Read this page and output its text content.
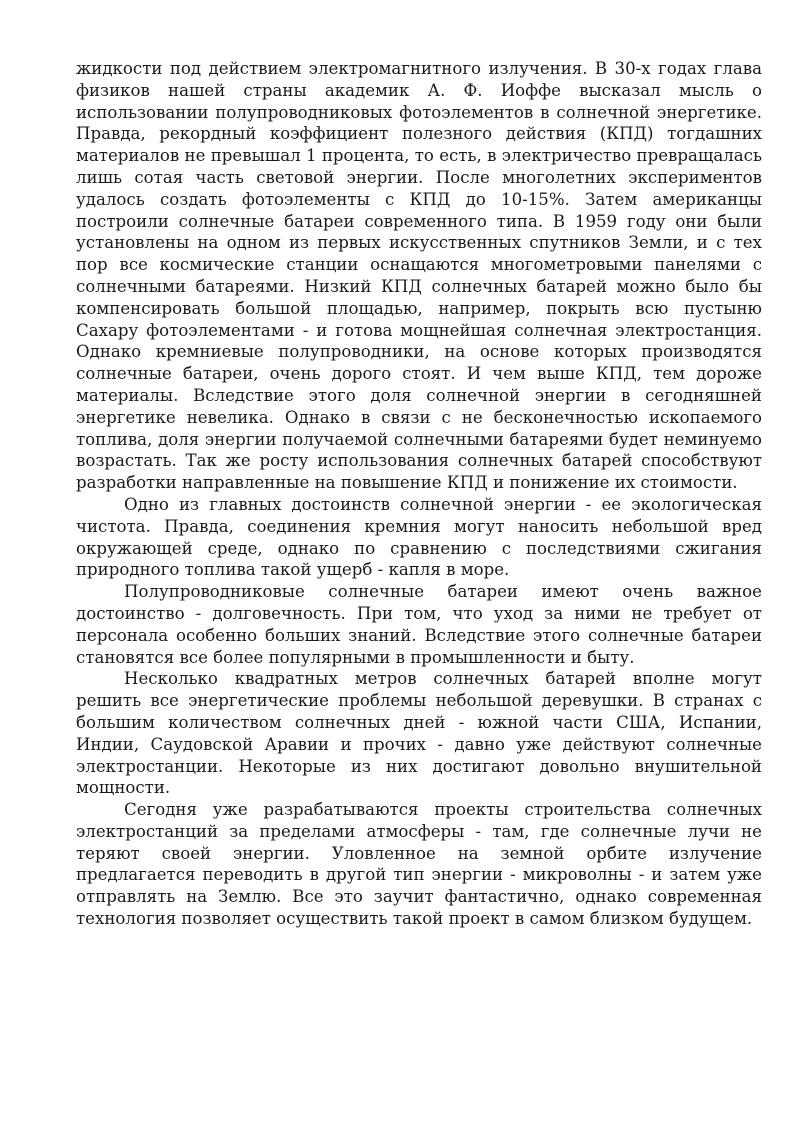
жидкости под действием электромагнитного излучения. В 30-х годах глава физиков нашей страны академик А. Ф. Иоффе высказал мысль о использовании полупроводниковых фотоэлементов в солнечной энергетике. Правда, рекордный коэффициент полезного действия (КПД) тогдашних материалов не превышал 1 процента, то есть, в электричество превращалась лишь сотая часть световой энергии. После многолетних экспериментов удалось создать фотоэлементы с КПД до 10-15%. Затем американцы построили солнечные батареи современного типа. В 1959 году они были установлены на одном из первых искусственных спутников Земли, и с тех пор все космические станции оснащаются многометровыми панелями с солнечными батареями. Низкий КПД солнечных батарей можно было бы компенсировать большой площадью, например, покрыть всю пустыню Сахару фотоэлементами - и готова мощнейшая солнечная электростанция. Однако кремниевые полупроводники, на основе которых производятся солнечные батареи, очень дорого стоят. И чем выше КПД, тем дороже материалы. Вследствие этого доля солнечной энергии в сегодняшней энергетике невелика. Однако в связи с не бесконечностью ископаемого топлива, доля энергии получаемой солнечными батареями будет неминуемо возрастать. Так же росту использования солнечных батарей способствуют разработки направленные на повышение КПД и понижение их стоимости.

Одно из главных достоинств солнечной энергии - ее экологическая чистота. Правда, соединения кремния могут наносить небольшой вред окружающей среде, однако по сравнению с последствиями сжигания природного топлива такой ущерб - капля в море.

Полупроводниковые солнечные батареи имеют очень важное достоинство - долговечность. При том, что уход за ними не требует от персонала особенно больших знаний. Вследствие этого солнечные батареи становятся все более популярными в промышленности и быту.

Несколько квадратных метров солнечных батарей вполне могут решить все энергетические проблемы небольшой деревушки. В странах с большим количеством солнечных дней - южной части США, Испании, Индии, Саудовской Аравии и прочих - давно уже действуют солнечные электростанции. Некоторые из них достигают довольно внушительной мощности.

Сегодня уже разрабатываются проекты строительства солнечных электростанций за пределами атмосферы - там, где солнечные лучи не теряют своей энергии. Уловленное на земной орбите излучение предлагается переводить в другой тип энергии - микроволны - и затем уже отправлять на Землю. Все это заучит фантастично, однако современная технология позволяет осуществить такой проект в самом близком будущем.
